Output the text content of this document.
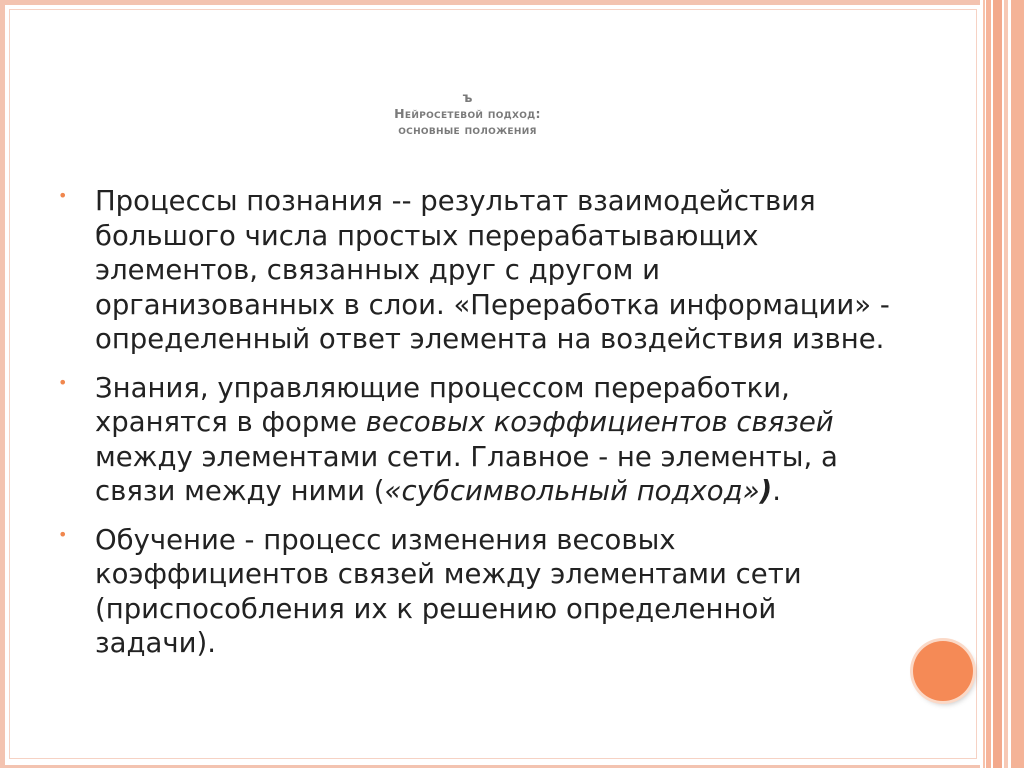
ъ
Нейросетевой подход:
основные положения
• Процессы познания -- результат взаимодействия большого числа простых перерабатывающих элементов, связанных друг с другом и организованных в слои. «Переработка информации» - определенный ответ элемента на воздействия извне.
• Знания, управляющие процессом переработки, хранятся в форме весовых коэффициентов связей между элементами сети. Главное - не элементы, а связи между ними («субсимвольный подход»).
• Обучение - процесс изменения весовых коэффициентов связей между элементами сети (приспособления их к решению определенной задачи).
